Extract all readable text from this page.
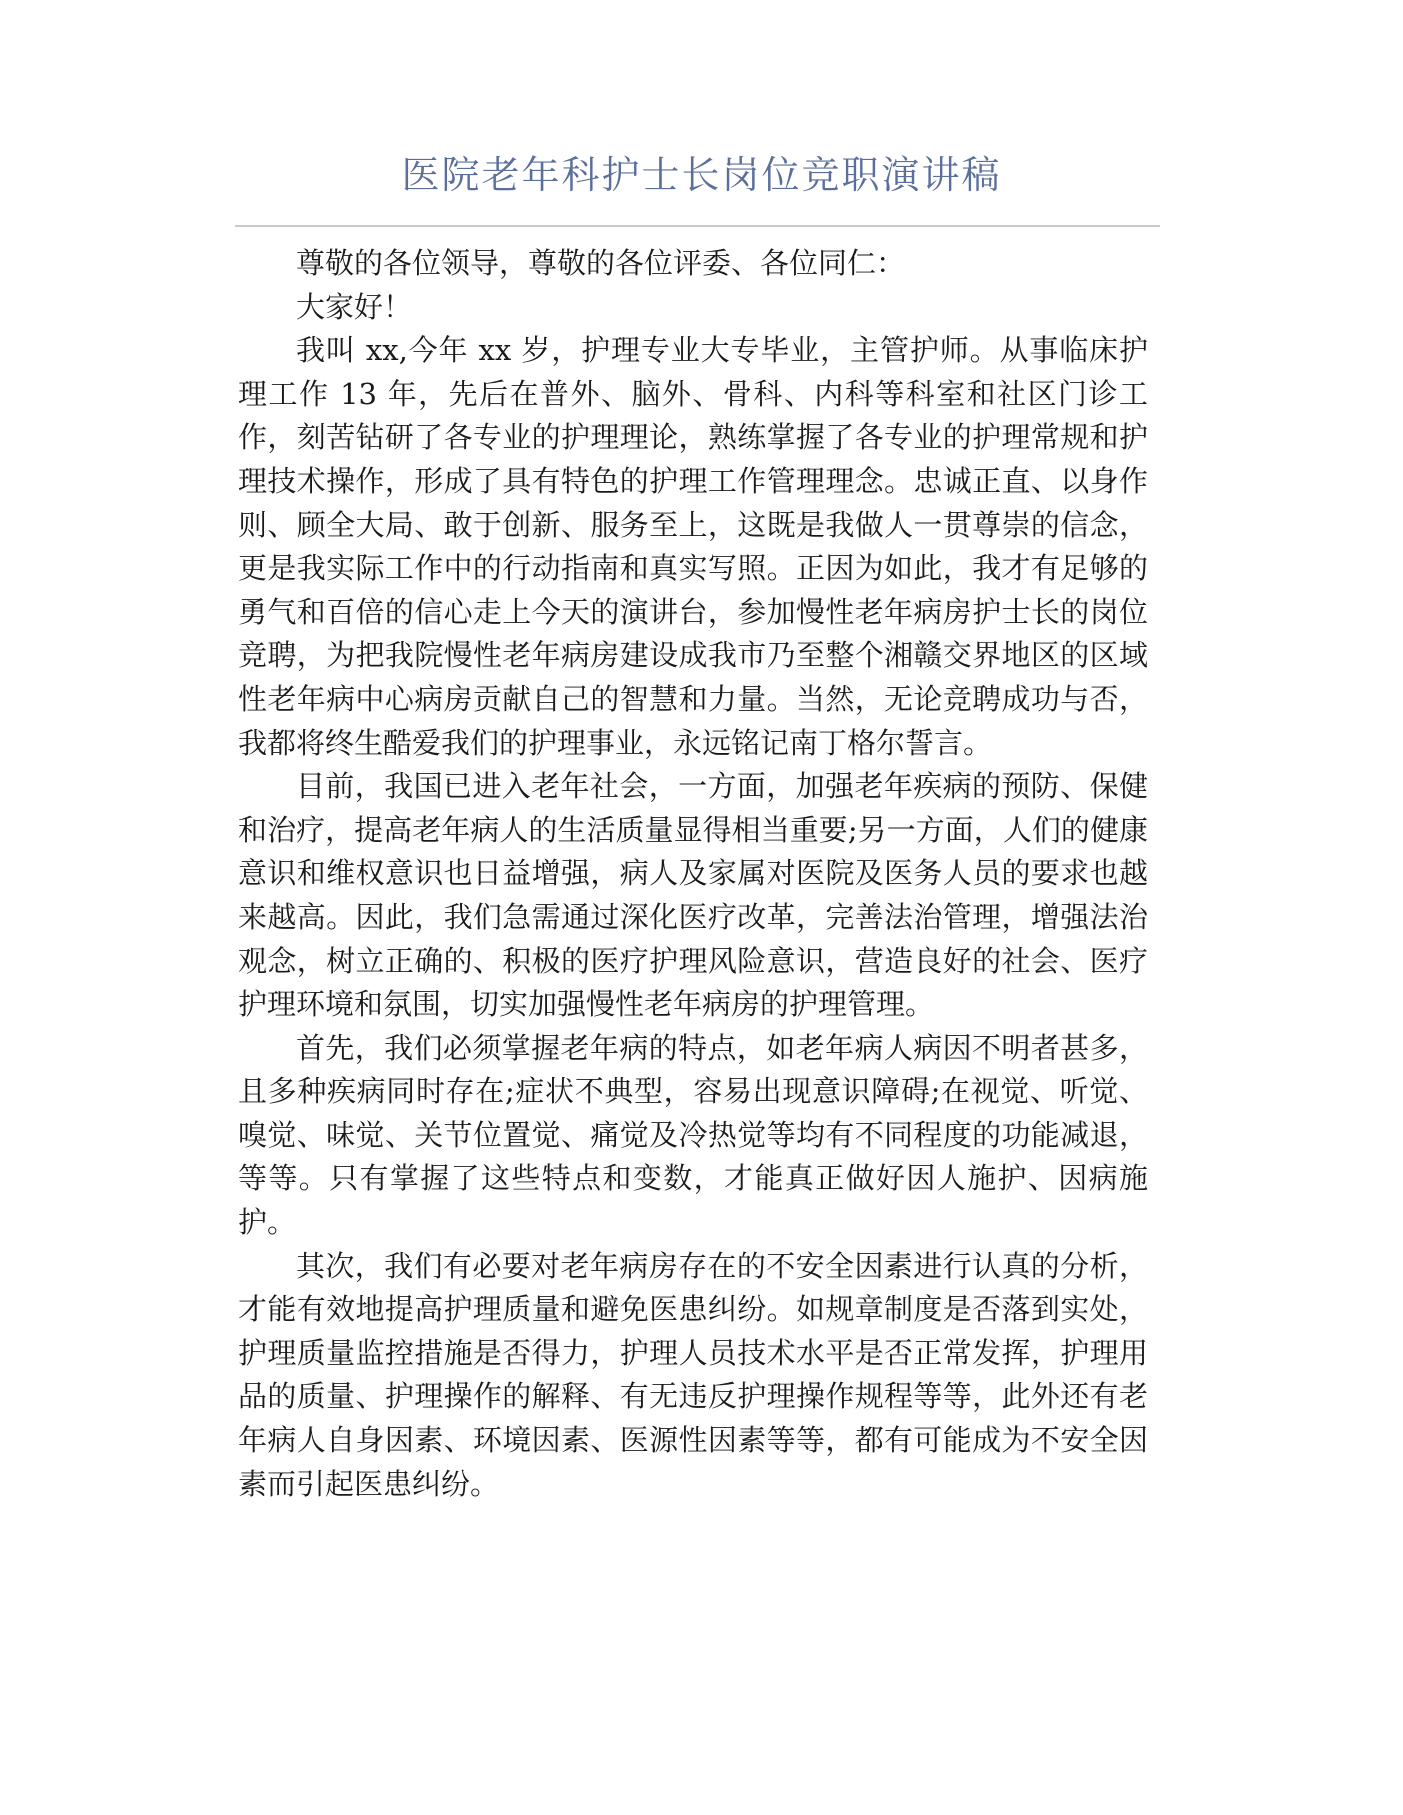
医院老年科护士长岗位竞职演讲稿

尊敬的各位领导，尊敬的各位评委、各位同仁：

大家好！

我叫 xx,今年 xx 岁，护理专业大专毕业，主管护师。从事临床护理工作 13 年，先后在普外、脑外、骨科、内科等科室和社区门诊工作，刻苦钻研了各专业的护理理论，熟练掌握了各专业的护理常规和护理技术操作，形成了具有特色的护理工作管理理念。忠诚正直、以身作则、顾全大局、敢于创新、服务至上，这既是我做人一贯尊崇的信念，更是我实际工作中的行动指南和真实写照。正因为如此，我才有足够的勇气和百倍的信心走上今天的演讲台，参加慢性老年病房护士长的岗位竞聘，为把我院慢性老年病房建设成我市乃至整个湘赣交界地区的区域性老年病中心病房贡献自己的智慧和力量。当然，无论竞聘成功与否，我都将终生酷爱我们的护理事业，永远铭记南丁格尔誓言。

目前，我国已进入老年社会，一方面，加强老年疾病的预防、保健和治疗，提高老年病人的生活质量显得相当重要;另一方面，人们的健康意识和维权意识也日益增强，病人及家属对医院及医务人员的要求也越来越高。因此，我们急需通过深化医疗改革，完善法治管理，增强法治观念，树立正确的、积极的医疗护理风险意识，营造良好的社会、医疗护理环境和氛围，切实加强慢性老年病房的护理管理。

首先，我们必须掌握老年病的特点，如老年病人病因不明者甚多，且多种疾病同时存在;症状不典型，容易出现意识障碍;在视觉、听觉、嗅觉、味觉、关节位置觉、痛觉及冷热觉等均有不同程度的功能减退，等等。只有掌握了这些特点和变数，才能真正做好因人施护、因病施护。

其次，我们有必要对老年病房存在的不安全因素进行认真的分析，才能有效地提高护理质量和避免医患纠纷。如规章制度是否落到实处，护理质量监控措施是否得力，护理人员技术水平是否正常发挥，护理用品的质量、护理操作的解释、有无违反护理操作规程等等，此外还有老年病人自身因素、环境因素、医源性因素等等，都有可能成为不安全因素而引起医患纠纷。
